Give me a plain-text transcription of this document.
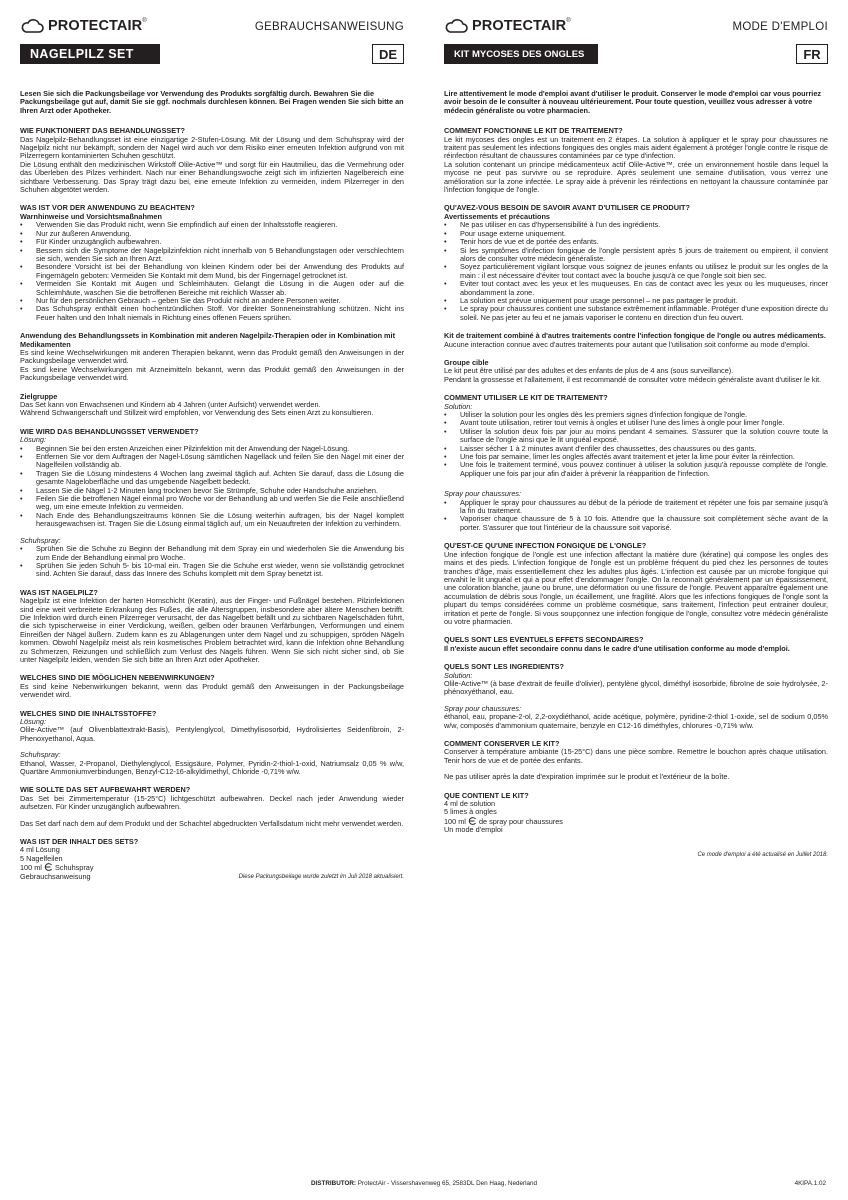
PROTECTAIR®	GEBRAUCHSANWEISUNG
NAGELPILZ SET	DE
Lesen Sie sich die Packungsbeilage vor Verwendung des Produkts sorgfältig durch. Bewahren Sie die Packungsbeilage gut auf, damit Sie sie ggf. nochmals durchlesen können. Bei Fragen wenden Sie sich bitte an Ihren Arzt oder Apotheker.
WIE FUNKTIONIERT DAS BEHANDLUNGSSET?
Das Nagelpilz-Behandlungsset ist eine einzigartige 2-Stufen-Lösung. Mit der Lösung und dem Schuhspray wird der Nagelpilz nicht nur bekämpft, sondern der Nagel wird auch vor dem Risiko einer erneuten Infektion aufgrund von mit Pilzerregern kontaminierten Schuhen geschützt.
Die Lösung enthält den medizinischen Wirkstoff Olile-Active™ und sorgt für ein Hautmilieu, das die Vermehrung oder das Überleben des Pilzes verhindert. Nach nur einer Behandlungswoche zeigt sich im infizierten Nagelbereich eine sichtbare Verbesserung. Das Spray trägt dazu bei, eine erneute Infektion zu vermeiden, indem Pilzerreger in den Schuhen abgetötet werden.
WAS IST VOR DER ANWENDUNG ZU BEACHTEN?
Warnhinweise und Vorsichtsmaßnahmen
• Verwenden Sie das Produkt nicht, wenn Sie empfindlich auf einen der Inhaltsstoffe reagieren.
• Nur zur äußeren Anwendung.
• Für Kinder unzugänglich aufbewahren.
• Bessern sich die Symptome der Nagelpilzinfektion nicht innerhalb von 5 Behandlungstagen oder verschlechtern sie sich, wenden Sie sich an Ihren Arzt.
• Besondere Vorsicht ist bei der Behandlung von kleinen Kindern oder bei der Anwendung des Produkts auf Fingernägeln geboten: Vermeiden Sie Kontakt mit dem Mund, bis der Fingernagel getrocknet ist.
• Vermeiden Sie Kontakt mit Augen und Schleimhäuten. Gelangt die Lösung in die Augen oder auf die Schleimhäute, waschen Sie die betroffenen Bereiche mit reichlich Wasser ab.
• Nur für den persönlichen Gebrauch – geben Sie das Produkt nicht an andere Personen weiter.
• Das Schuhspray enthält einen hochentzündlichen Stoff. Vor direkter Sonneneinstrahlung schützen. Nicht ins Feuer halten und den Inhalt niemals in Richtung eines offenen Feuers sprühen.
Anwendung des Behandlungssets in Kombination mit anderen Nagelpilz-Therapien oder in Kombination mit Medikamenten
Es sind keine Wechselwirkungen mit anderen Therapien bekannt, wenn das Produkt gemäß den Anweisungen in der Packungsbeilage verwendet wird.
Es sind keine Wechselwirkungen mit Arzneimitteln bekannt, wenn das Produkt gemäß den Anweisungen in der Packungsbeilage verwendet wird.
Zielgruppe
Das Set kann von Erwachsenen und Kindern ab 4 Jahren (unter Aufsicht) verwendet werden.
Während Schwangerschaft und Stillzeit wird empfohlen, vor Verwendung des Sets einen Arzt zu konsultieren.
WIE WIRD DAS BEHANDLUNGSSET VERWENDET?
Lösung:
• Beginnen Sie bei den ersten Anzeichen einer Pilzinfektion mit der Anwendung der Nagel-Lösung.
• Entfernen Sie vor dem Auftragen der Nagel-Lösung sämtlichen Nagellack und feilen Sie den Nagel mit einer der Nagelfeilen vollständig ab.
• Tragen Sie die Lösung mindestens 4 Wochen lang zweimal täglich auf. Achten Sie darauf, dass die Lösung die gesamte Nageloberfläche und das umgebende Nagelbett bedeckt.
• Lassen Sie die Nägel 1-2 Minuten lang trocknen bevor Sie Strümpfe, Schuhe oder Handschuhe anziehen.
• Feilen Sie die betroffenen Nägel einmal pro Woche vor der Behandlung ab und werfen Sie die Feile anschließend weg, um eine erneute Infektion zu vermeiden.
• Nach Ende des Behandlungszeitraums können Sie die Lösung weiterhin auftragen, bis der Nagel komplett herausgewachsen ist. Tragen Sie die Lösung einmal täglich auf, um ein Neuauftreten der Infektion zu verhindern.
Schuhspray:
• Sprühen Sie die Schuhe zu Beginn der Behandlung mit dem Spray ein und wiederholen Sie die Anwendung bis zum Ende der Behandlung einmal pro Woche.
• Sprühen Sie jeden Schuh 5- bis 10-mal ein. Tragen Sie die Schuhe erst wieder, wenn sie vollständig getrocknet sind. Achten Sie darauf, dass das Innere des Schuhs komplett mit dem Spray benetzt ist.
WAS IST NAGELPILZ?
Nagelpilz ist eine Infektion der harten Hornschicht (Keratin), aus der Finger- und Fußnägel bestehen. Pilzinfektionen sind eine weit verbreitete Erkrankung des Fußes, die alle Altersgruppen, insbesondere aber ältere Menschen betrifft. Die Infektion wird durch einen Pilzerreger verursacht, der das Nagelbett befällt und zu sichtbaren Nagelschäden führt, die sich typischerweise in einer Verdickung, weißen, gelben oder braunen Verfärbungen, Verformungen und einem Einreißen der Nägel äußern. Zudem kann es zu Ablagerungen unter dem Nagel und zu schuppigen, spröden Nägeln kommen. Obwohl Nagelpilz meist als rein kosmetisches Problem betrachtet wird, kann die Infektion ohne Behandlung zu Schmerzen, Reizungen und schließlich zum Verlust des Nagels führen. Wenn Sie sich nicht sicher sind, ob Sie unter Nagelpilz leiden, wenden Sie sich bitte an Ihren Arzt oder Apotheker.
WELCHES SIND DIE MÖGLICHEN NEBENWIRKUNGEN?
Es sind keine Nebenwirkungen bekannt, wenn das Produkt gemäß den Anweisungen in der Packungsbeilage verwendet wird.
WELCHES SIND DIE INHALTSSTOFFE?
Lösung:
Olile-Active™ (auf Olivenblattextrakt-Basis), Pentylenglycol, Dimethylisosorbid, Hydrolisiertes Seidenfibroin, 2-Phenoxyethanol, Aqua.
Schuhspray:
Ethanol, Wasser, 2-Propanol, Diethylenglycol, Essigsäure, Polymer, Pyridin-2-thiol-1-oxid, Natriumsalz 0,05 % w/w, Quartäre Ammoniumverbindungen, Benzyl-C12-16-alkyldimethyl, Chloride -0,71% w/w.
WIE SOLLTE DAS SET AUFBEWAHRT WERDEN?
Das Set bei Zimmertemperatur (15-25°C) lichtgeschützt aufbewahren. Deckel nach jeder Anwendung wieder aufsetzen. Für Kinder unzugänglich aufbewahren.
Das Set darf nach dem auf dem Produkt und der Schachtel abgedruckten Verfallsdatum nicht mehr verwendet werden.
WAS IST DER INHALT DES SETS?
4 ml Lösung
5 Nagelfeilen
100 ml Schuhspray
Gebrauchsanweisung	Diese Packungsbeilage wurde zuletzt im Juli 2018 aktualisiert.
PROTECTAIR®	MODE D'EMPLOI
KIT MYCOSES DES ONGLES	FR
Lire attentivement le mode d'emploi avant d'utiliser le produit. Conserver le mode d'emploi car vous pourriez avoir besoin de le consulter à nouveau ultérieurement. Pour toute question, veuillez vous adresser à votre médecin généraliste ou votre pharmacien.
COMMENT FONCTIONNE LE KIT DE TRAITEMENT?
Le kit mycoses des ongles est un traitement en 2 étapes. La solution à appliquer et le spray pour chaussures ne traitent pas seulement les infections fongiques des ongles mais aident également à protéger l'ongle contre le risque de réinfection résultant de chaussures contaminées par ce type d'infection.
La solution contenant un principe médicamenteux actif Olile-Active™, crée un environnement hostile dans lequel la mycose ne peut pas survivre ou se reproduire. Après seulement une semaine d'utilisation, vous verrez une amélioration sur la zone infectée. Le spray aide à prévenir les réinfections en nettoyant la chaussure contaminée par l'infection fongique de l'ongle.
QU'AVEZ-VOUS BESOIN DE SAVOIR AVANT D'UTILISER CE PRODUIT?
Avertissements et précautions
• Ne pas utiliser en cas d'hypersensibilité à l'un des ingrédients.
• Pour usage externe uniquement.
• Tenir hors de vue et de portée des enfants.
• Si les symptômes d'infection fongique de l'ongle persistent après 5 jours de traitement ou empirent, il convient alors de consulter votre médecin généraliste.
• Soyez particulièrement vigilant lorsque vous soignez de jeunes enfants ou utilisez le produit sur les ongles de la main : il est nécessaire d'éviter tout contact avec la bouche jusqu'à ce que l'ongle soit bien sec.
• Eviter tout contact avec les yeux et les muqueuses. En cas de contact avec les yeux ou les muqueuses, rincer abondamment la zone.
• La solution est prévue uniquement pour usage personnel – ne pas partager le produit.
• Le spray pour chaussures contient une substance extrêmement inflammable. Protéger d'une exposition directe du soleil. Ne pas jeter au feu et ne jamais vaporiser le contenu en direction d'un feu ouvert.
Kit de traitement combiné à d'autres traitements contre l'infection fongique de l'ongle ou autres médicaments.
Aucune interaction connue avec d'autres traitements pour autant que l'utilisation soit conforme au mode d'emploi.
Groupe cible
Le kit peut être utilisé par des adultes et des enfants de plus de 4 ans (sous surveillance).
Pendant la grossesse et l'allaitement, il est recommandé de consulter votre médecin généraliste avant d'utiliser le kit.
COMMENT UTILISER LE KIT DE TRAITEMENT?
Solution:
• Utiliser la solution pour les ongles dès les premiers signes d'infection fongique de l'ongle.
• Avant toute utilisation, retirer tout vernis à ongles et utiliser l'une des limes à ongle pour limer l'ongle.
• Utiliser la solution deux fois par jour au moins pendant 4 semaines. S'assurer que la solution couvre toute la surface de l'ongle ainsi que le lit unguéal exposé.
• Laisser sécher 1 à 2 minutes avant d'enfiler des chaussettes, des chaussures ou des gants.
• Une fois par semaine, limer les ongles affectés avant traitement et jeter la lime pour éviter la réinfection.
• Une fois le traitement terminé, vous pouvez continuer à utiliser la solution jusqu'à repousse complète de l'ongle. Appliquer une fois par jour afin d'aider à prévenir la réapparition de l'infection.
Spray pour chaussures:
• Appliquer le spray pour chaussures au début de la période de traitement et répéter une fois par semaine jusqu'à la fin du traitement.
• Vaporiser chaque chaussure de 5 à 10 fois. Attendre que la chaussure soit complètement sèche avant de la porter. S'assurer que tout l'intérieur de la chaussure soit vaporisé.
QU'EST-CE QU'UNE INFECTION FONGIQUE DE L'ONGLE?
Une infection fongique de l'ongle est une infection affectant la matière dure (kératine) qui compose les ongles des mains et des pieds. L'infection fongique de l'ongle est un problème fréquent du pied chez les personnes de toutes tranches d'âge, mais essentiellement chez les adultes plus âgés. L'infection est causée par un microbe fongique qui envahit le lit unguéal et qui a pour effet d'endommager l'ongle. On la reconnaît généralement par un épaississement, une coloration blanche, jaune ou brune, une déformation ou une fissure de l'ongle. Peuvent apparaître également une accumulation de débris sous l'ongle, un écaillement, une fragilité. Alors que les infections fongiques de l'ongle sont la plupart du temps considérées comme un problème cosmétique, sans traitement, l'infection peut entrainer douleur, irritation et perte de l'ongle. Si vous soupçonnez une infection fongique de l'ongle, consultez votre médecin généraliste ou votre pharmacien.
QUELS SONT LES EVENTUELS EFFETS SECONDAIRES?
Il n'existe aucun effet secondaire connu dans le cadre d'une utilisation conforme au mode d'emploi.
QUELS SONT LES INGREDIENTS?
Solution:
Olile-Active™ (à base d'extrait de feuille d'olivier), pentylène glycol, diméthyl isosorbide, fibroïne de soie hydrolysée, 2-phénoxyéthanol, eau.
Spray pour chaussures:
éthanol, eau, propane-2-ol, 2,2-oxydiéthanol, acide acétique, polymère, pyridine-2-thiol 1-oxide, sel de sodium 0,05% w/w, composés d'ammonium quaternaire, benzyle en C12-16 diméthyles, chlorures -0,71% w/w.
COMMENT CONSERVER LE KIT?
Conserver à température ambiante (15-25°C) dans une pièce sombre. Remettre le bouchon après chaque utilisation. Tenir hors de vue et de portée des enfants.
Ne pas utiliser après la date d'expiration imprimée sur le produit et l'extérieur de la boîte.
QUE CONTIENT LE KIT?
4 ml de solution
5 limes à ongles
100 ml de spray pour chaussures
Un mode d'emploi
Ce mode d'emploi a été actualisé en Juillet 2018.
DISTRIBUTOR: ProtectAir - Vissershavenweg 65, 2583DL Den Haag, Nederland	4KIPA.1.02
